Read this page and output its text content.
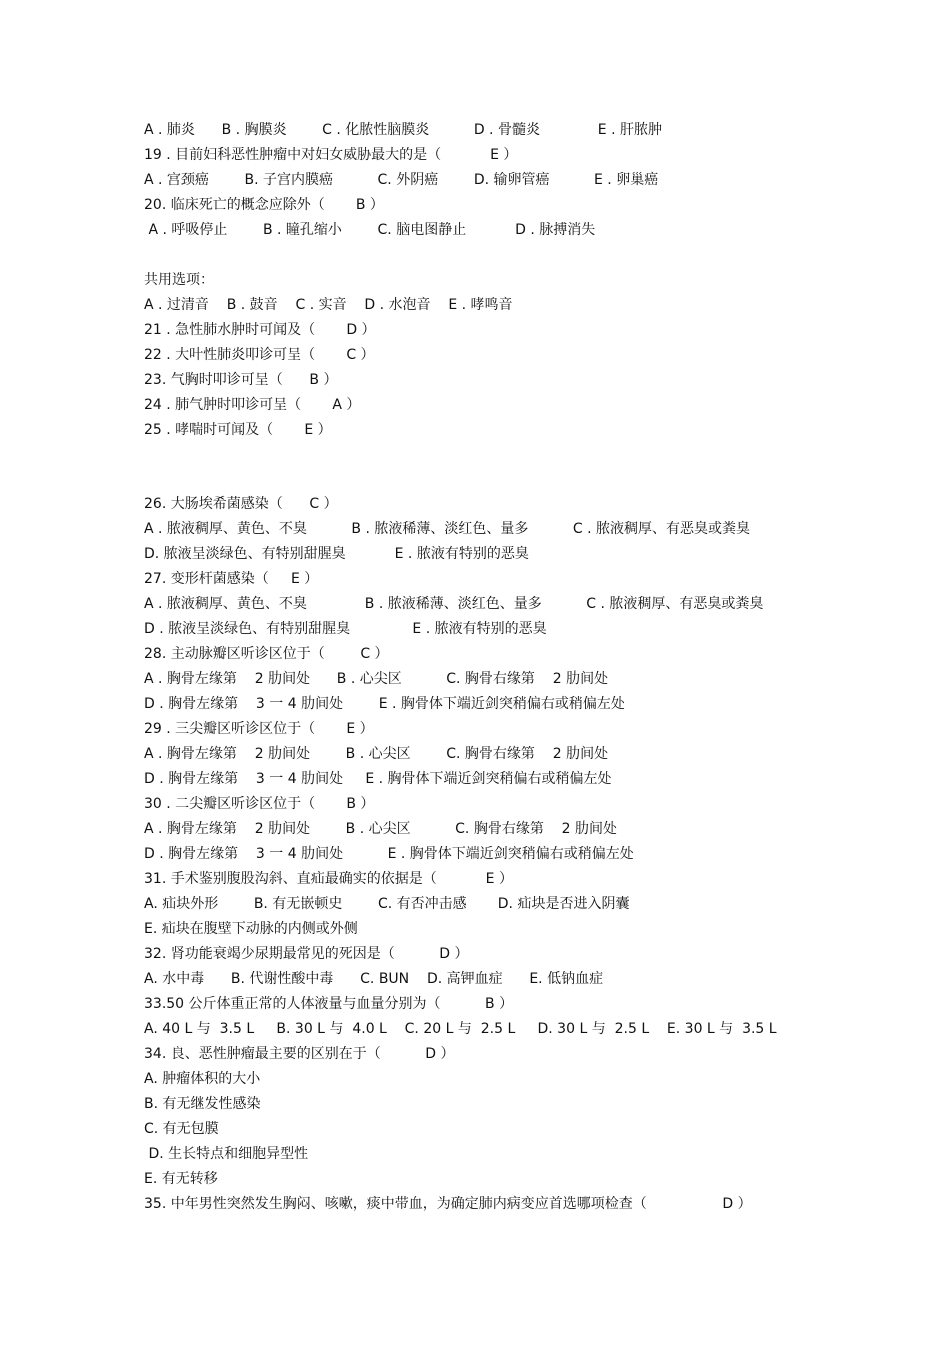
A . 肺炎      B . 胸膜炎        C . 化脓性脑膜炎          D . 骨髓炎             E . 肝脓肿
19 . 目前妇科恶性肿瘤中对妇女威胁最大的是（           E ）
A . 宫颈癌        B. 子宫内膜癌          C. 外阴癌        D. 输卵管癌          E . 卵巢癌
20. 临床死亡的概念应除外（       B ）
A . 呼吸停止        B . 瞳孔缩小        C. 脑电图静止           D . 脉搏消失
共用选项：
A . 过清音    B . 鼓音    C . 实音    D . 水泡音    E . 哮鸣音
21 . 急性肺水肿时可闻及（       D ）
22 . 大叶性肺炎叩诊可呈（       C ）
23. 气胸时叩诊可呈（      B ）
24 . 肺气肿时叩诊可呈（       A ）
25 . 哮喘时可闻及（       E ）
26. 大肠埃希菌感染（      C ）
A . 脓液稠厚、黄色、不臭          B . 脓液稀薄、淡红色、量多          C . 脓液稠厚、有恶臭或粪臭
D. 脓液呈淡绿色、有特别甜腥臭           E . 脓液有特别的恶臭
27. 变形杆菌感染（     E ）
A . 脓液稠厚、黄色、不臭             B . 脓液稀薄、淡红色、量多          C . 脓液稠厚、有恶臭或粪臭
D . 脓液呈淡绿色、有特别甜腥臭              E . 脓液有特别的恶臭
28. 主动脉瓣区听诊区位于（        C ）
A . 胸骨左缘第    2 肋间处      B . 心尖区          C. 胸骨右缘第    2 肋间处
D . 胸骨左缘第    3 一 4 肋间处        E . 胸骨体下端近剑突稍偏右或稍偏左处
29 . 三尖瓣区听诊区位于（       E ）
A . 胸骨左缘第    2 肋间处        B . 心尖区        C. 胸骨右缘第    2 肋间处
D . 胸骨左缘第    3 一 4 肋间处     E . 胸骨体下端近剑突稍偏右或稍偏左处
30 . 二尖瓣区听诊区位于（       B ）
A . 胸骨左缘第    2 肋间处        B . 心尖区          C. 胸骨右缘第    2 肋间处
D . 胸骨左缘第    3 一 4 肋间处          E . 胸骨体下端近剑突稍偏右或稍偏左处
31. 手术鉴别腹股沟斜、直疝最确实的依据是（           E ）
A. 疝块外形        B. 有无嵌顿史        C. 有否冲击感       D. 疝块是否进入阴囊
E. 疝块在腹壁下动脉的内侧或外侧
32. 肾功能衰竭少尿期最常见的死因是（          D ）
A. 水中毒      B. 代谢性酸中毒      C. BUN    D. 高钾血症      E. 低钠血症
33.50 公斤体重正常的人体液量与血量分别为（          B ）
A. 40 L 与  3.5 L     B. 30 L 与  4.0 L    C. 20 L 与  2.5 L     D. 30 L 与  2.5 L    E. 30 L 与  3.5 L
34. 良、恶性肿瘤最主要的区别在于（          D ）
A. 肿瘤体积的大小
B. 有无继发性感染
C. 有无包膜
D. 生长特点和细胞异型性
E. 有无转移
35. 中年男性突然发生胸闷、咳嗽，痰中带血，为确定肺内病变应首选哪项检查（                 D ）
